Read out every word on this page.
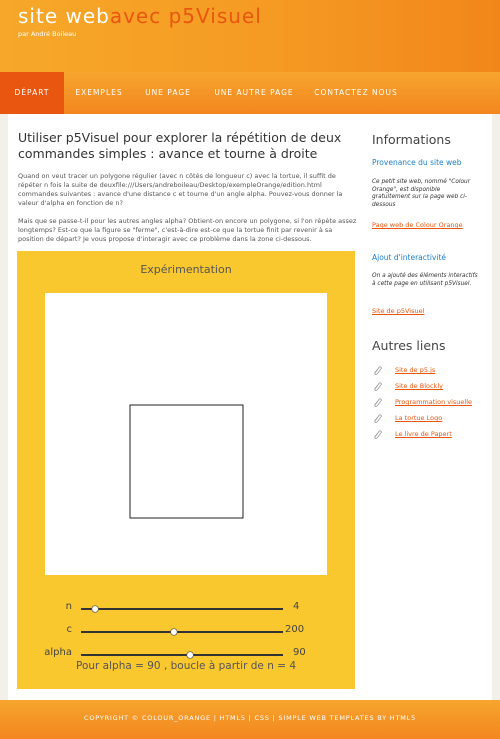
site webavec p5Visuel
par André Boileau
DÉPART	EXEMPLES	UNE PAGE	UNE AUTRE PAGE	CONTACTEZ NOUS
Utiliser p5Visuel pour explorer la répétition de deux commandes simples : avance et tourne à droite

Quand on veut tracer un polygone régulier (avec n côtés de longueur c) avec la tortue, il suffit de répéter n fois la suite de deuxfile:///Users/andreboileau/Desktop/exempleOrange/edition.html commandes suivantes : avance d'une distance c et tourne d'un angle alpha. Pouvez-vous donner la valeur d'alpha en fonction de n?

Mais que se passe-t-il pour les autres angles alpha? Obtient-on encore un polygone, si l'on répète assez longtemps? Est-ce que la figure se "ferme", c'est-à-dire est-ce que la tortue finit par revenir à sa position de départ? Je vous propose d'interagir avec ce problème dans la zone ci-dessous.

Expérimentation
n	4
c	200
alpha	90
Pour alpha = 90 , boucle à partir de n = 4
Informations
Provenance du site web
Ce petit site web, nommé "Colour Orange", est disponible gratuitement sur la page web ci-dessous
Page web de Colour Orange
Ajout d'interactivité
On a ajouté des éléments interactifs à cette page en utilisant p5Visuel.
Site de p5Visuel
Autres liens
Site de p5.js
Site de Blockly
Programmation visuelle
La tortue Logo
Le livre de Papert
COPYRIGHT © COLOUR_ORANGE | HTML5 | CSS | SIMPLE WEB TEMPLATES BY HTML5
